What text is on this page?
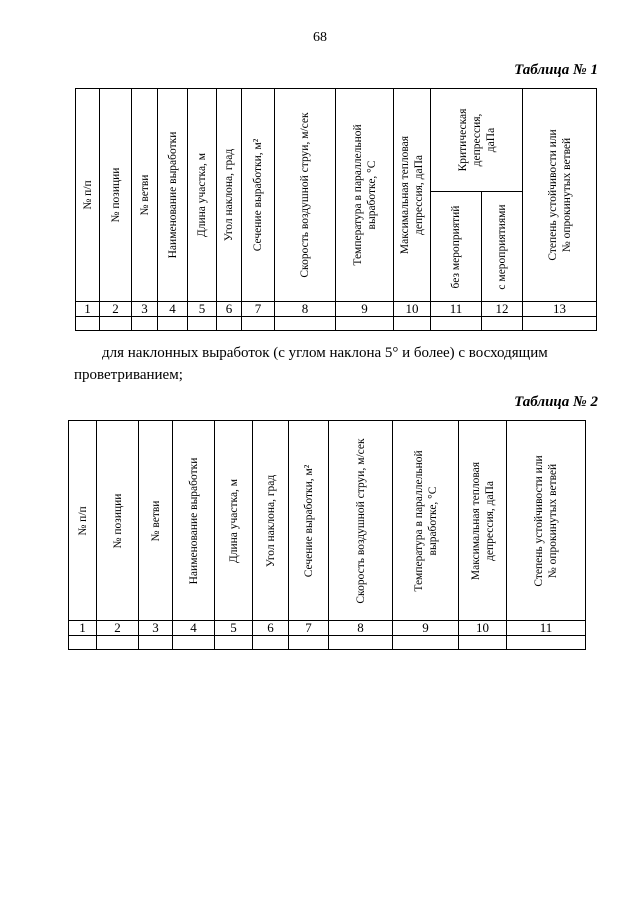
68
Таблица № 1
№ п/п	№ позиции	№ ветви	Наименование выработки	Длина участка, м	Угол наклона, град	Сечение выработки, м²	Скорость воздушной струи, м/сек	Температура в параллельной выработке, °С	Максимальная тепловая депрессия, даПа	Критическая депрессия, даПа		Степень устойчивости или № опрокинутых ветвей

										без мероприятий	с мероприятиями	

1	2	3	4	5	6	7	8	9	10	11	12	13

для наклонных выработок (с углом наклона 5° и более) с восходящим
проветриванием;
Таблица № 2
№ п/п	№ позиции	№ ветви	Наименование выработки	Длина участка, м	Угол наклона, град	Сечение выработки, м²	Скорость воздушной струи, м/сек	Температура в параллельной выработке, °С	Максимальная тепловая депрессия, даПа	Степень устойчивости или № опрокинутых ветвей

1	2	3	4	5	6	7	8	9	10	11
